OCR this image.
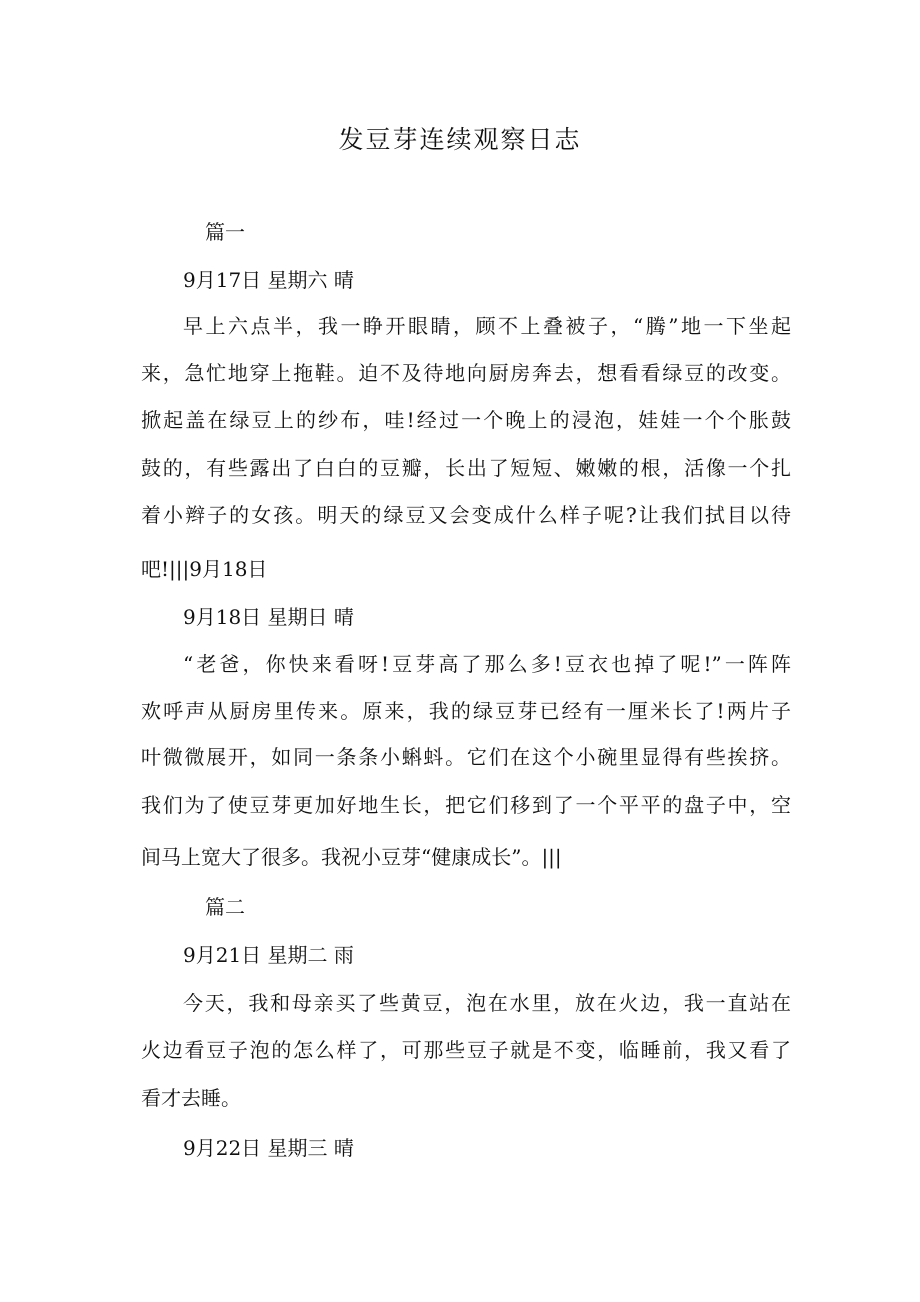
发豆芽连续观察日志
篇一
9月17日 星期六 晴
早上六点半，我一睁开眼睛，顾不上叠被子，“腾”地一下坐起
来，急忙地穿上拖鞋。迫不及待地向厨房奔去，想看看绿豆的改变。
掀起盖在绿豆上的纱布，哇!经过一个晚上的浸泡，娃娃一个个胀鼓
鼓的，有些露出了白白的豆瓣，长出了短短、嫩嫩的根，活像一个扎
着小辫子的女孩。明天的绿豆又会变成什么样子呢?让我们拭目以待
吧!|||9月18日
9月18日 星期日 晴
“老爸，你快来看呀!豆芽高了那么多!豆衣也掉了呢!”一阵阵
欢呼声从厨房里传来。原来，我的绿豆芽已经有一厘米长了!两片子
叶微微展开，如同一条条小蝌蚪。它们在这个小碗里显得有些挨挤。
我们为了使豆芽更加好地生长，把它们移到了一个平平的盘子中，空
间马上宽大了很多。我祝小豆芽“健康成长”。|||
篇二
9月21日 星期二 雨
今天，我和母亲买了些黄豆，泡在水里，放在火边，我一直站在
火边看豆子泡的怎么样了，可那些豆子就是不变，临睡前，我又看了
看才去睡。
9月22日 星期三 晴
